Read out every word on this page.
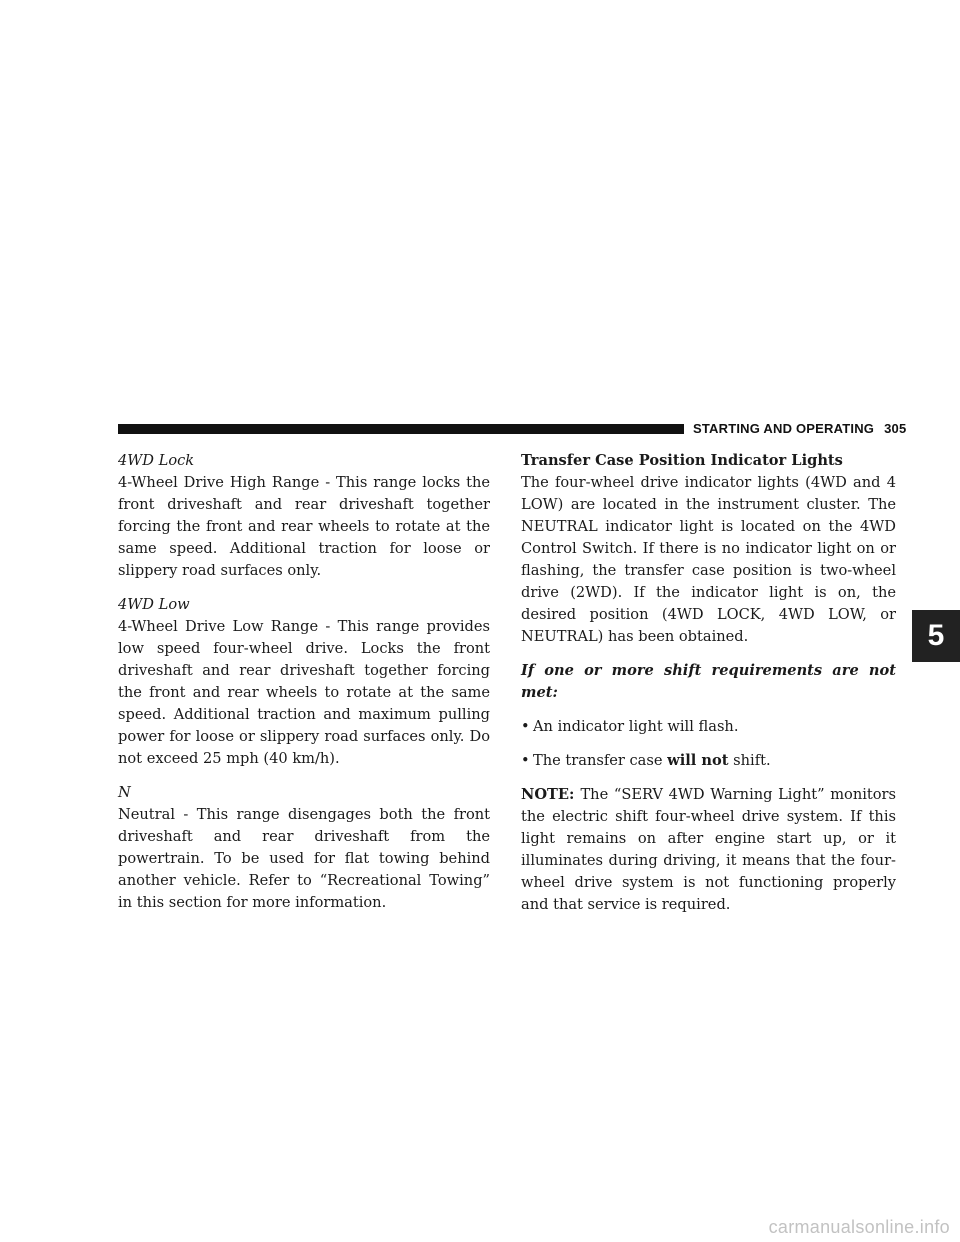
STARTING AND OPERATING 305

4WD Lock
4-Wheel Drive High Range - This range locks the front driveshaft and rear driveshaft together forcing the front and rear wheels to rotate at the same speed. Additional traction for loose or slippery road surfaces only.

4WD Low
4-Wheel Drive Low Range - This range provides low speed four-wheel drive. Locks the front driveshaft and rear driveshaft together forcing the front and rear wheels to rotate at the same speed. Additional traction and maximum pulling power for loose or slippery road surfaces only. Do not exceed 25 mph (40 km/h).

N
Neutral - This range disengages both the front driveshaft and rear driveshaft from the powertrain. To be used for flat towing behind another vehicle. Refer to “Recreational Towing” in this section for more information.

Transfer Case Position Indicator Lights
The four-wheel drive indicator lights (4WD and 4 LOW) are located in the instrument cluster. The NEUTRAL indicator light is located on the 4WD Control Switch. If there is no indicator light on or flashing, the transfer case position is two-wheel drive (2WD). If the indicator light is on, the desired position (4WD LOCK, 4WD LOW, or NEUTRAL) has been obtained.

If one or more shift requirements are not met:

• An indicator light will flash.
• The transfer case will not shift.

NOTE: The “SERV 4WD Warning Light” monitors the electric shift four-wheel drive system. If this light remains on after engine start up, or it illuminates during driving, it means that the four-wheel drive system is not functioning properly and that service is required.

5
carmanualsonline.info
